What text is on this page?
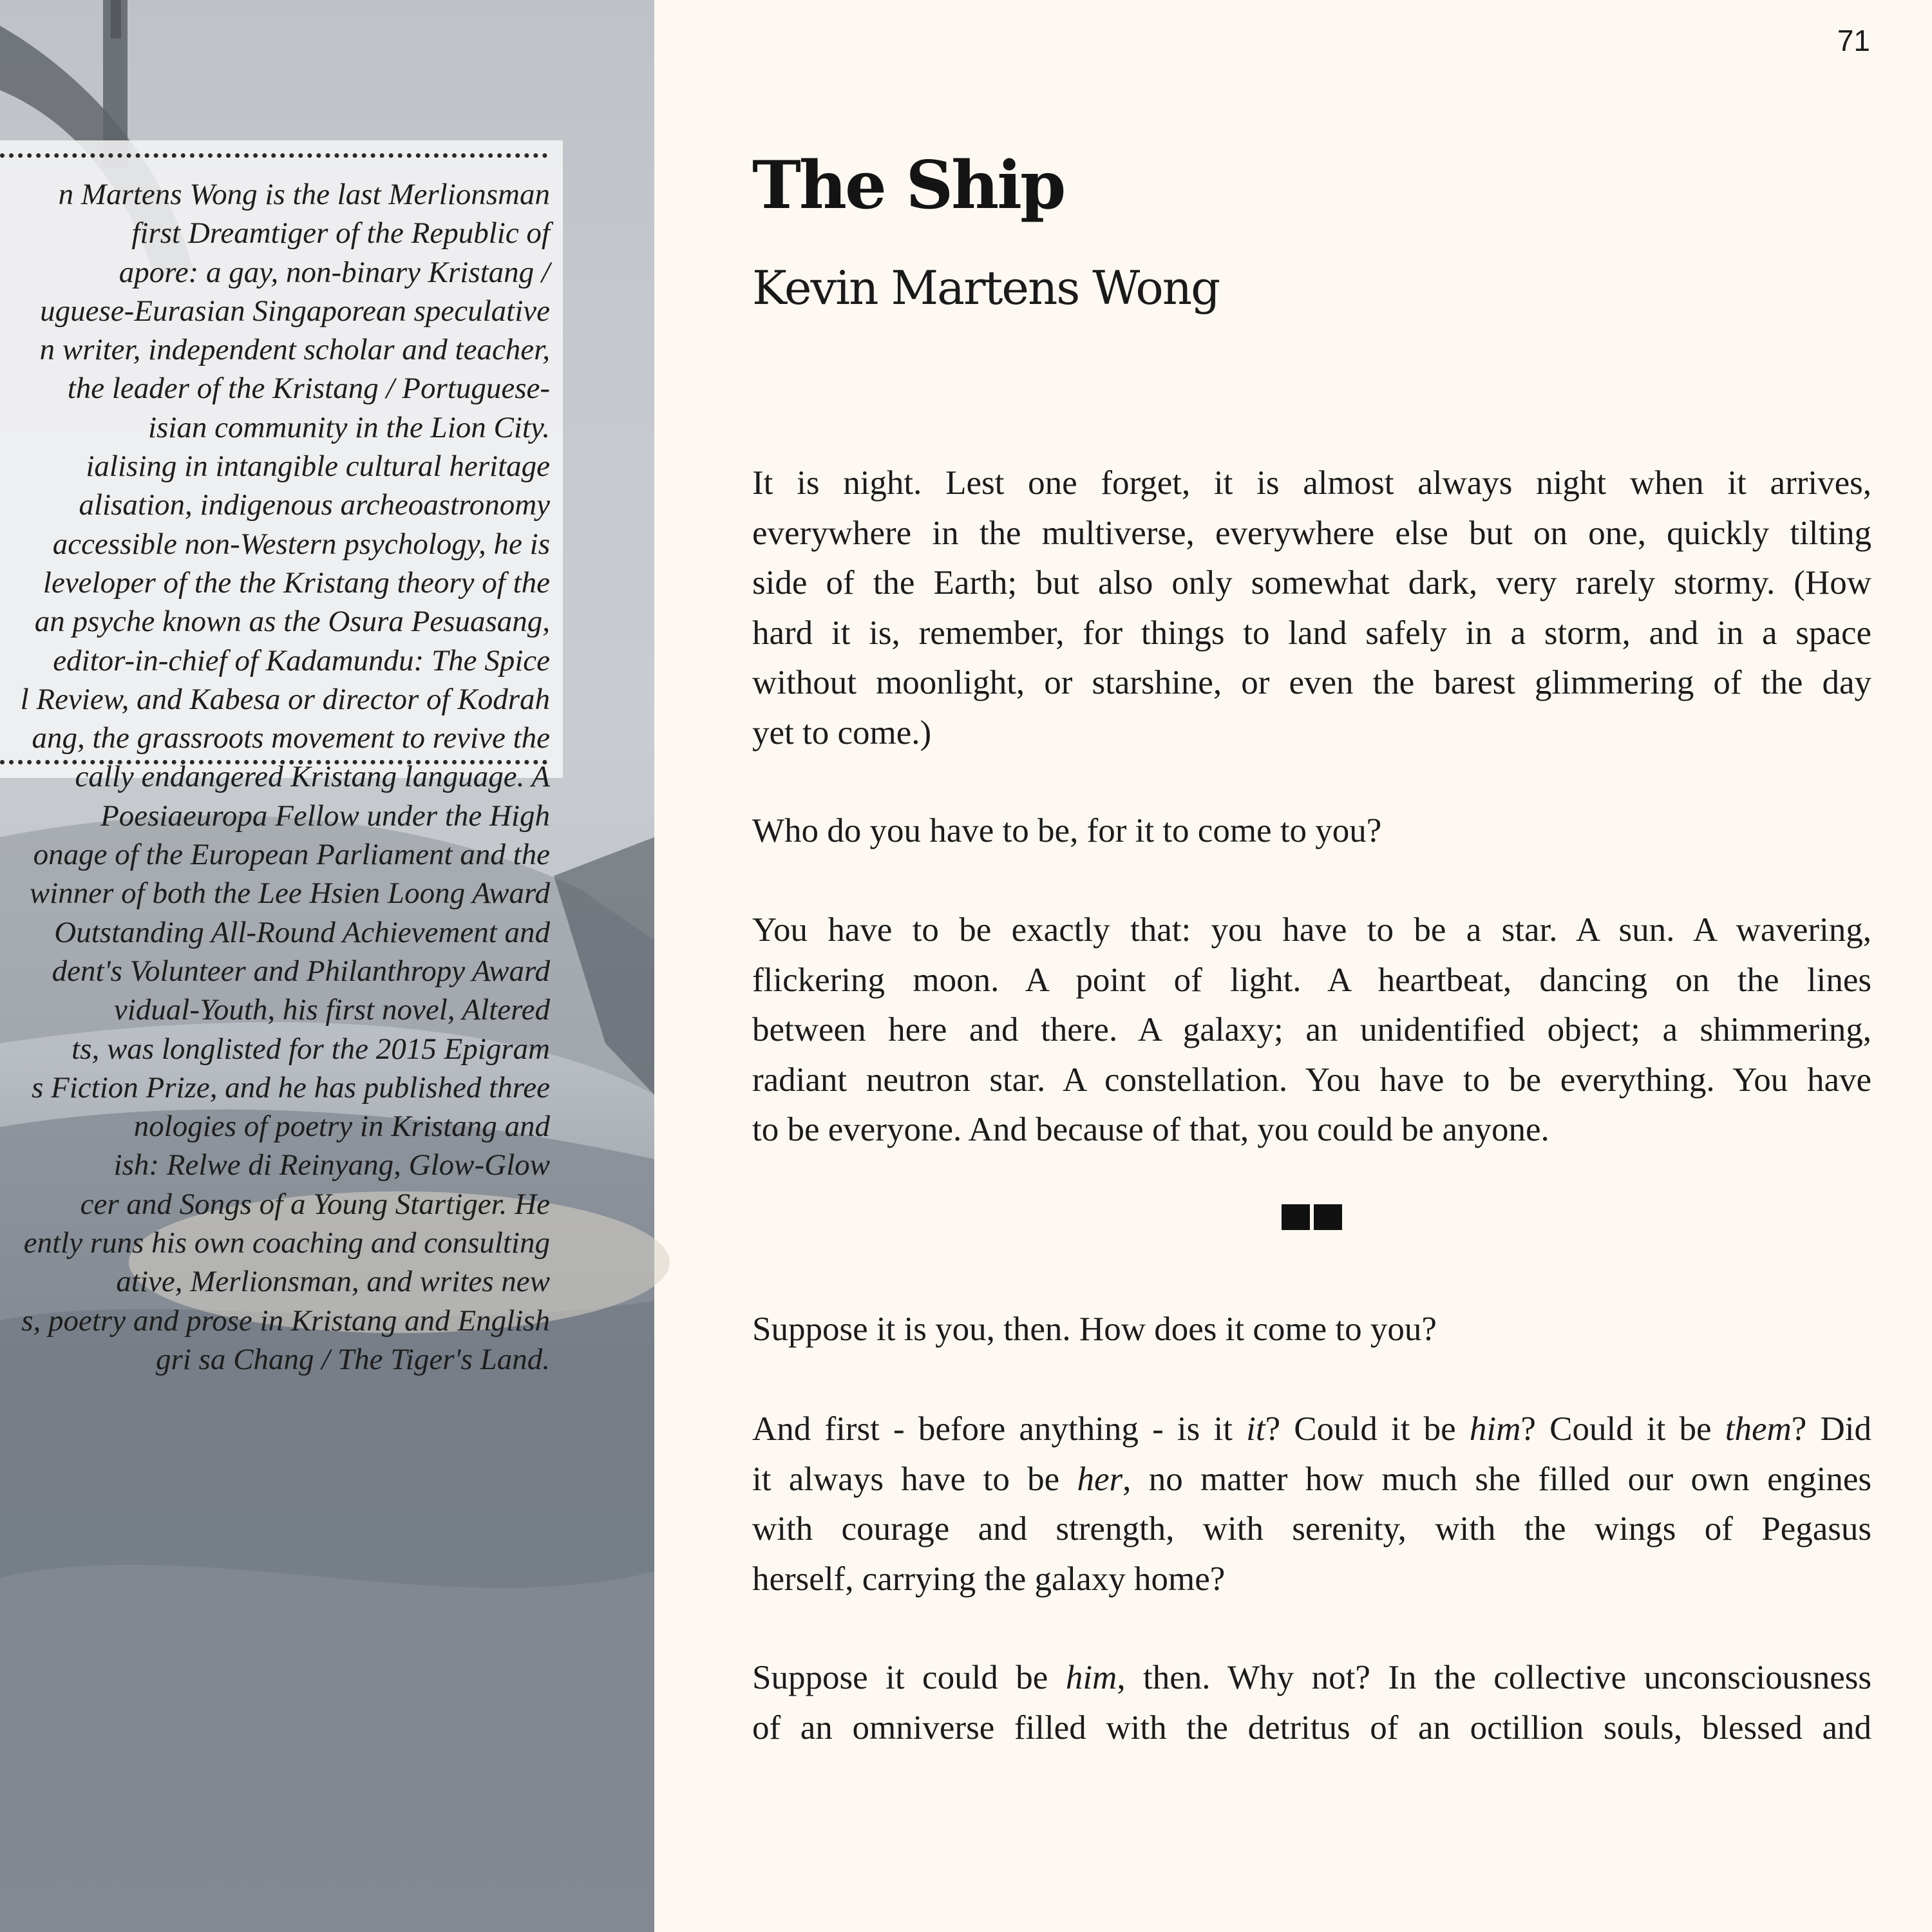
n Martens Wong is the last Merlionsman
first Dreamtiger of the Republic of
apore: a gay, non-binary Kristang /
uguese-Eurasian Singaporean speculative
n writer, independent scholar and teacher,
the leader of the Kristang / Portuguese-
isian community in the Lion City.
ialising in intangible cultural heritage
alisation, indigenous archeoastronomy
accessible non-Western psychology, he is
leveloper of the the Kristang theory of the
an psyche known as the Osura Pesuasang,
editor-in-chief of Kadamundu: The Spice
l Review, and Kabesa or director of Kodrah
ang, the grassroots movement to revive the
cally endangered Kristang language. A
Poesiaeuropa Fellow under the High
onage of the European Parliament and the
winner of both the Lee Hsien Loong Award
Outstanding All-Round Achievement and
dent's Volunteer and Philanthropy Award
vidual-Youth, his first novel, Altered
ts, was longlisted for the 2015 Epigram
s Fiction Prize, and he has published three
nologies of poetry in Kristang and
ish: Relwe di Reinyang, Glow-Glow
cer and Songs of a Young Startiger. He
ently runs his own coaching and consulting
ative, Merlionsman, and writes new
s, poetry and prose in Kristang and English
gri sa Chang / The Tiger's Land.
71
The Ship
Kevin Martens Wong

It is night. Lest one forget, it is almost always night when it arrives,
everywhere in the multiverse, everywhere else but on one, quickly tilting
side of the Earth; but also only somewhat dark, very rarely stormy. (How
hard it is, remember, for things to land safely in a storm, and in a space
without moonlight, or starshine, or even the barest glimmering of the day
yet to come.)

Who do you have to be, for it to come to you?

You have to be exactly that: you have to be a star. A sun. A wavering,
flickering moon. A point of light. A heartbeat, dancing on the lines
between here and there. A galaxy; an unidentified object; a shimmering,
radiant neutron star. A constellation. You have to be everything. You have
to be everyone. And because of that, you could be anyone.

Suppose it is you, then. How does it come to you?

And first - before anything - is it it? Could it be him? Could it be them? Did
it always have to be her, no matter how much she filled our own engines
with courage and strength, with serenity, with the wings of Pegasus
herself, carrying the galaxy home?

Suppose it could be him, then. Why not? In the collective unconsciousness
of an omniverse filled with the detritus of an octillion souls, blessed and
